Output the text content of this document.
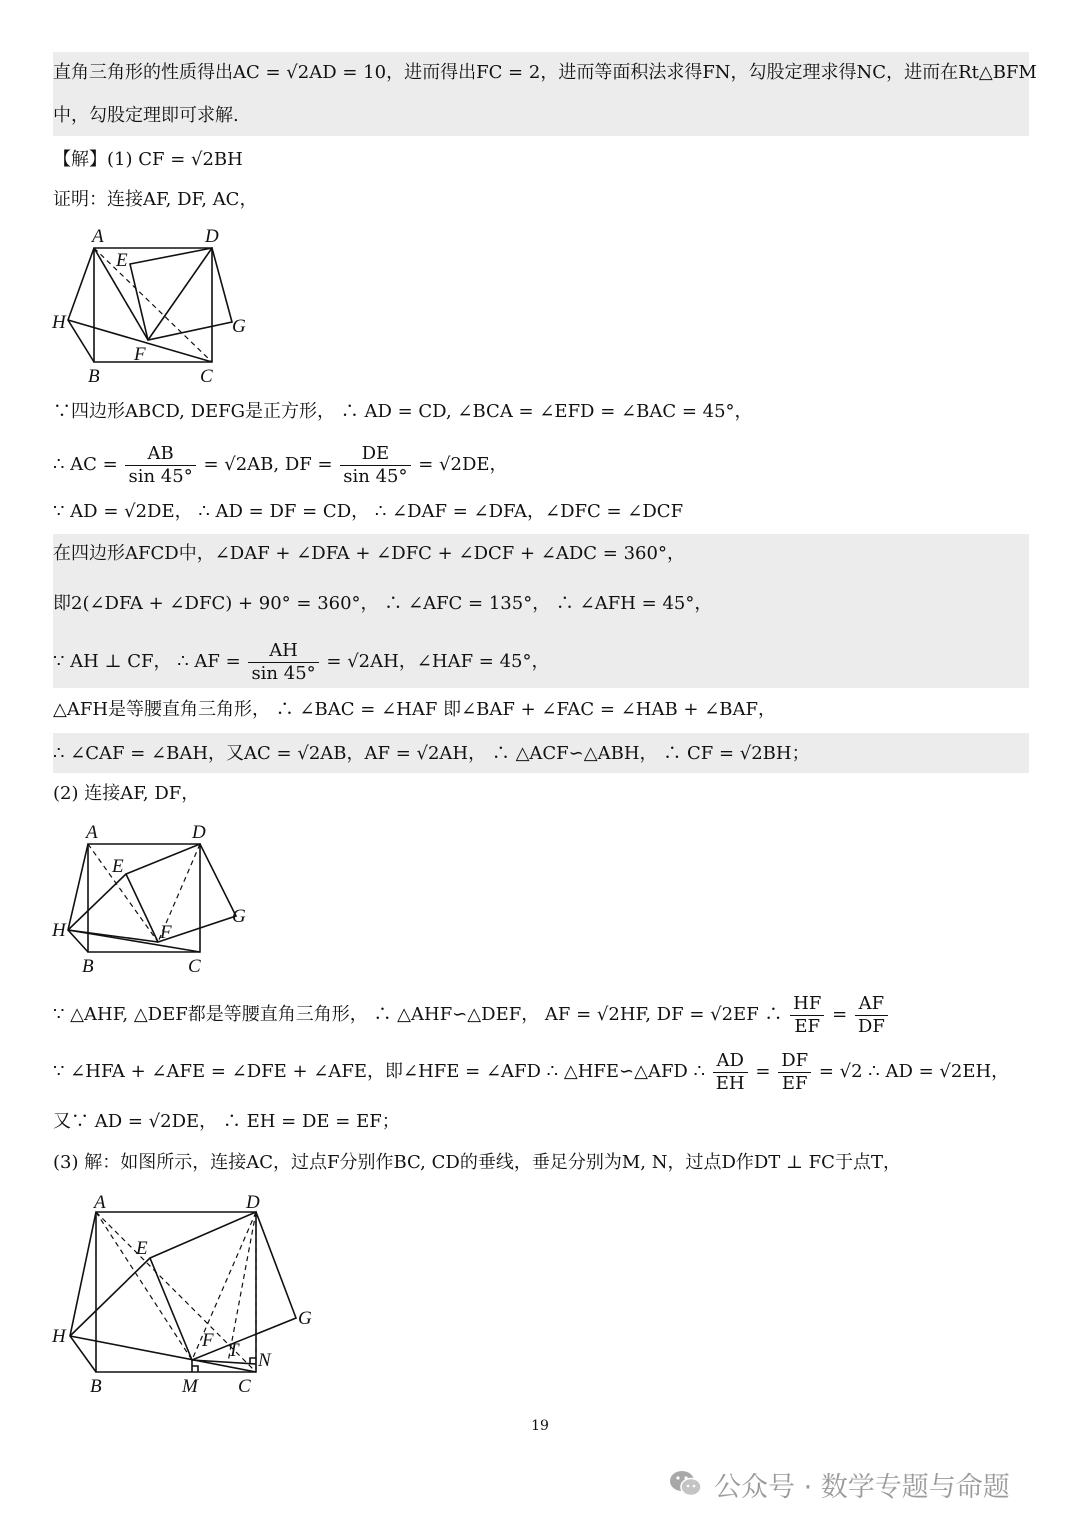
直角三角形的性质得出AC = √2AD = 10，进而得出FC = 2，进而等面积法求得FN，勾股定理求得NC，进而在Rt△BFM
中，勾股定理即可求解.
【解】(1) CF = √2BH
证明：连接AF, DF, AC，
A	D
E
H	G
F
B	C
∵四边形ABCD, DEFG是正方形， ∴ AD = CD, ∠BCA = ∠EFD = ∠BAC = 45°，
∴ AC = $\frac{AB}{\sin 45^\circ} = √2AB$, DF = $\frac{DE}{\sin 45^\circ} = √2DE$，
∵ AD = √2DE， ∴ AD = DF = CD， ∴ ∠DAF = ∠DFA，∠DFC = ∠DCF
在四边形AFCD中，∠DAF + ∠DFA + ∠DFC + ∠DCF + ∠ADC = 360°，
即2(∠DFA + ∠DFC) + 90° = 360°， ∴ ∠AFC = 135°， ∴ ∠AFH = 45°，
∵ AH ⊥ CF， ∴ AF = $\frac{AH}{\sin 45^\circ} = √2AH$，∠HAF = 45°，
△AFH是等腰直角三角形， ∴ ∠BAC = ∠HAF 即∠BAF + ∠FAC = ∠HAB + ∠BAF，
∴ ∠CAF = ∠BAH，又AC = √2AB，AF = √2AH， ∴ △ACF∽△ABH， ∴ CF = √2BH；
(2) 连接AF, DF，
A	D
E
H
G
F
B	C
∵ △AHF, △DEF都是等腰直角三角形， ∴ △AHF∽△DEF， AF = √2HF, DF = √2EF ∴ $\frac{HF}{EF} = \frac{AF}{DF}$
∵ ∠HFA + ∠AFE = ∠DFE + ∠AFE，即∠HFE = ∠AFD ∴ △HFE∽△AFD ∴ $\frac{AD}{EH} = \frac{DF}{EF} = √2$ ∴ AD = √2EH，
又∵ AD = √2DE， ∴ EH = DE = EF；
(3) 解：如图所示，连接AC，过点F分别作BC, CD的垂线，垂足分别为M, N，过点D作DT ⊥ FC于点T，
A	D
E
H
G
F T N
B	M C
19
公众号 · 数学专题与命题
